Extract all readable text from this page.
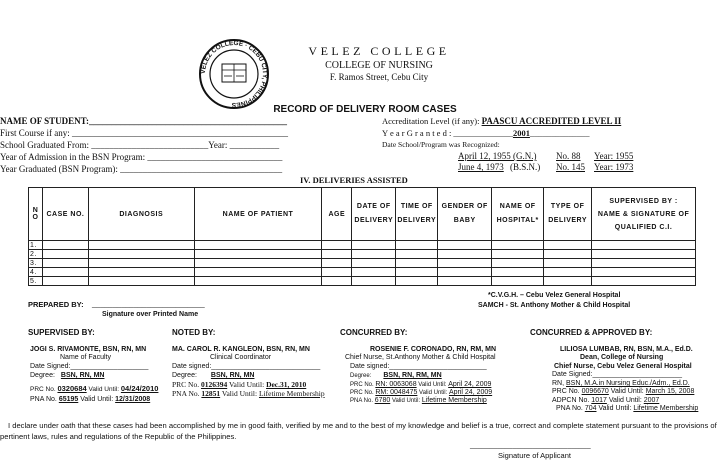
VELEZ COLLEGE · CEBU CITY, PHILIPPINES
VELEZ COLLEGE
COLLEGE OF NURSING
F. Ramos Street, Cebu City
RECORD OF DELIVERY ROOM CASES
NAME OF STUDENT:____________________________________________
First Course if any: ________________________________________________
School Graduated From: __________________________Year: ___________
Year of Admission in the BSN Program: ______________________________
Year Graduated (BSN Program): ____________________________________
Accreditation Level (if any): PAASCU ACCREDITED LEVEL II
Y e a r G r a n t e d : ______________2001______________
Date School/Program was Recognized:
April 12, 1955 (G.N.) No. 88 Year: 1955
June 4, 1973 (B.S.N.) No. 145 Year: 1973
IV. DELIVERIES ASSISTED
N O	CASE NO.	DIAGNOSIS	NAME OF PATIENT	AGE	DATE OF DELIVERY	TIME OF DELIVERY	GENDER OF BABY	NAME OF HOSPITAL*	TYPE OF DELIVERY	SUPERVISED BY :
NAME & SIGNATURE OF QUALIFIED C.I.

1.										
2.										
3.										
4.										
5.										
*C.V.G.H. – Cebu Velez General Hospital
SAMCH - St. Anthony Mother & Child Hospital
PREPARED BY: ___________________________
Signature over Printed Name
SUPERVISED BY:
JOGI S. RIVAMONTE, BSN, RN, MN
Name of Faculty
Date Signed:____________________
Degree: BSN, RN, MN
PRC No. 0320684 Valid Until: 04/24/2010
PNA No. 65195 Valid Until: 12/31/2008
NOTED BY:
MA. CAROL R. KANGLEON, BSN, RN, MN
Clinical Coordinator
Date signed:____________________________
Degree: BSN, RN, MN
PRC No. 0126394 Valid Until: Dec.31, 2010
PNA No. 12851 Valid Until: Lifetime Membership
CONCURRED BY:
ROSENIE F. CORONADO, RN, RM, MN
Chief Nurse, St.Anthony Mother & Child Hospital
Date signed:_________________________
Degree: BSN, RN, RM, MN
PRC No. RN: 0063068 Valid Until: April 24, 2009
PRC No. RM: 0048475 Valid Until: April 24, 2009
PNA No. 6780 Valid Until: Lifetime Membership
CONCURRED & APPROVED BY:
LILIOSA LUMBAB, RN, BSN, M.A., Ed.D.
Dean, College of Nursing
Chief Nurse, Cebu Velez General Hospital
Date Signed:_______________________
RN, BSN, M.A.in Nursing Educ./Adm., Ed.D.
PRC No. 0096670 Valid Until: March 15, 2008
ADPCN No. 1017 Valid Until: 2007
PNA No. 704 Valid Until: Lifetime Membership
I declare under oath that these cases had been accomplished by me in good faith, verified by me and to the best of my knowledge and belief is a true, correct and complete statement pursuant to the provisions of pertinent laws, rules and regulations of the Republic of the Philippines.
_______________________________
Signature of Applicant
